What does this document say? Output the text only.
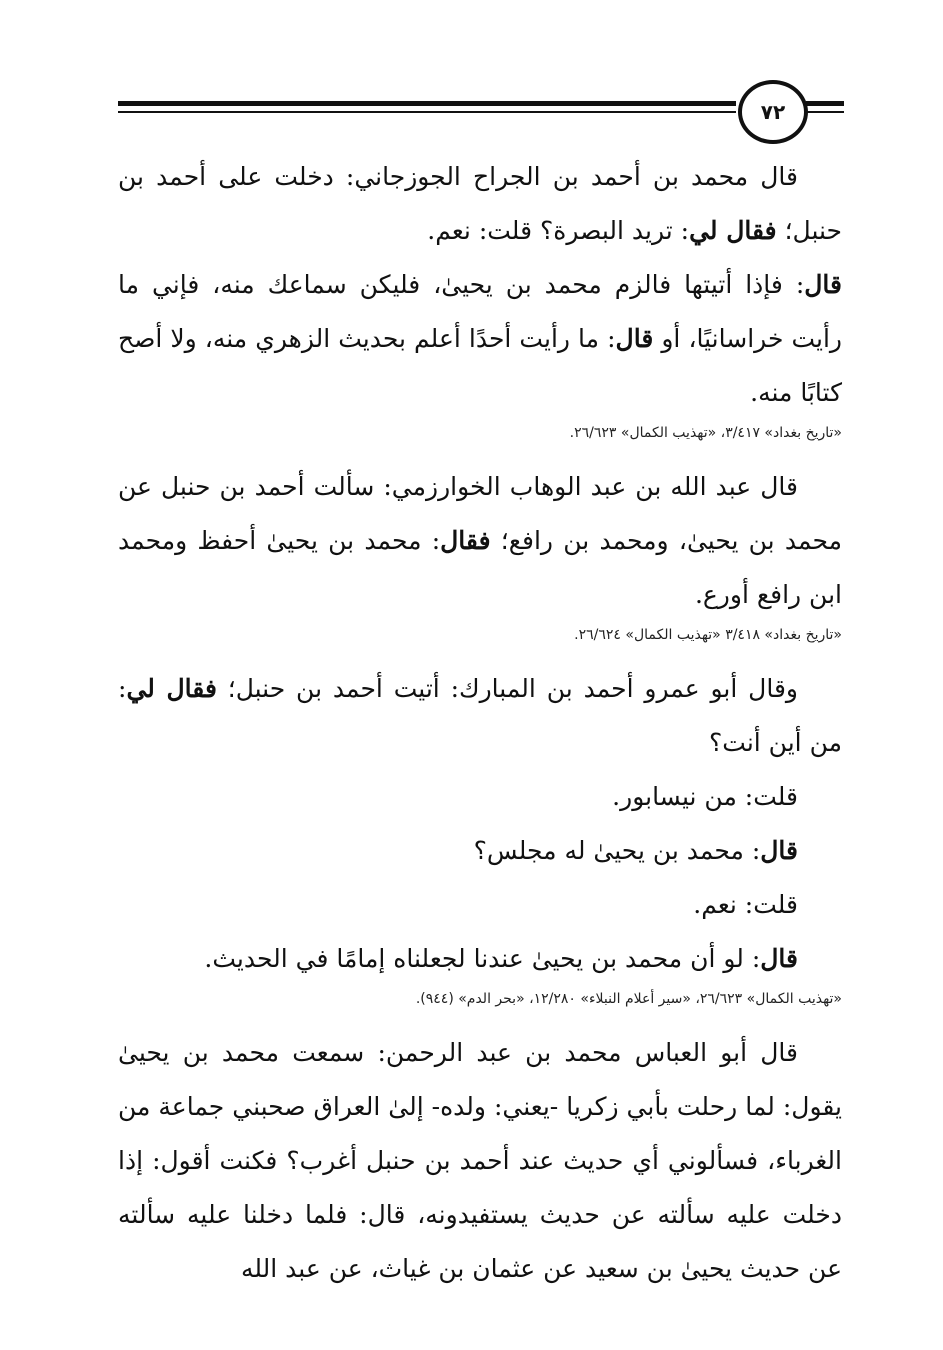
٧٢

قال محمد بن أحمد بن الجراح الجوزجاني: دخلت على أحمد بن حنبل؛ فقال لي: تريد البصرة؟ قلت: نعم.

قال: فإذا أتيتها فالزم محمد بن يحيىٰ، فليكن سماعك منه، فإني ما رأيت خراسانيًا، أو قال: ما رأيت أحدًا أعلم بحديث الزهري منه، ولا أصح كتابًا منه.

«تاريخ بغداد» ٣/٤١٧، «تهذيب الكمال» ٢٦/٦٢٣.

قال عبد الله بن عبد الوهاب الخوارزمي: سألت أحمد بن حنبل عن محمد بن يحيىٰ، ومحمد بن رافع؛ فقال: محمد بن يحيىٰ أحفظ ومحمد ابن رافع أورع.

«تاريخ بغداد» ٣/٤١٨ «تهذيب الكمال» ٢٦/٦٢٤.

وقال أبو عمرو أحمد بن المبارك: أتيت أحمد بن حنبل؛ فقال لي: من أين أنت؟

قلت: من نيسابور.

قال: محمد بن يحيىٰ له مجلس؟

قلت: نعم.

قال: لو أن محمد بن يحيىٰ عندنا لجعلناه إمامًا في الحديث.

«تهذيب الكمال» ٢٦/٦٢٣، «سير أعلام النبلاء» ١٢/٢٨٠، «بحر الدم» (٩٤٤).

قال أبو العباس محمد بن عبد الرحمن: سمعت محمد بن يحيىٰ يقول: لما رحلت بأبي زكريا -يعني: ولده- إلىٰ العراق صحبني جماعة من الغرباء، فسألوني أي حديث عند أحمد بن حنبل أغرب؟ فكنت أقول: إذا دخلت عليه سألته عن حديث يستفيدونه، قال: فلما دخلنا عليه سألته عن حديث يحيىٰ بن سعيد عن عثمان بن غياث، عن عبد الله
